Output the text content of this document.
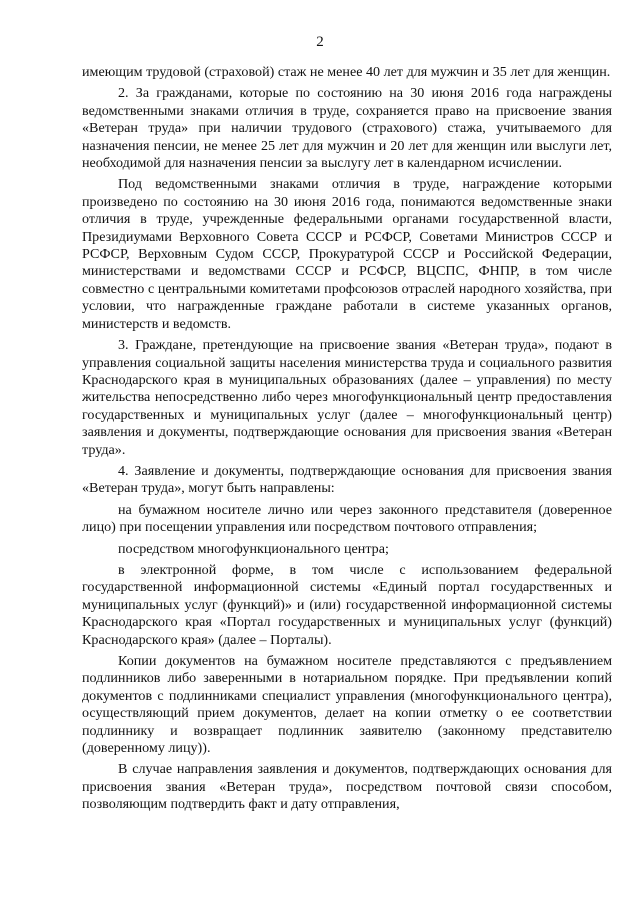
2

имеющим трудовой (страховой) стаж не менее 40 лет для мужчин и 35 лет для женщин.

2. За гражданами, которые по состоянию на 30 июня 2016 года награждены ведомственными знаками отличия в труде, сохраняется право на присвоение звания «Ветеран труда» при наличии трудового (страхового) стажа, учитываемого для назначения пенсии, не менее 25 лет для мужчин и 20 лет для женщин или выслуги лет, необходимой для назначения пенсии за выслугу лет в календарном исчислении.

Под ведомственными знаками отличия в труде, награждение которыми произведено по состоянию на 30 июня 2016 года, понимаются ведомственные знаки отличия в труде, учрежденные федеральными органами государственной власти, Президиумами Верховного Совета СССР и РСФСР, Советами Министров СССР и РСФСР, Верховным Судом СССР, Прокуратурой СССР и Российской Федерации, министерствами и ведомствами СССР и РСФСР, ВЦСПС, ФНПР, в том числе совместно с центральными комитетами профсоюзов отраслей народного хозяйства, при условии, что награжденные граждане работали в системе указанных органов, министерств и ведомств.

3. Граждане, претендующие на присвоение звания «Ветеран труда», подают в управления социальной защиты населения министерства труда и социального развития Краснодарского края в муниципальных образованиях (далее – управления) по месту жительства непосредственно либо через многофункциональный центр предоставления государственных и муниципальных услуг (далее – многофункциональный центр) заявления и документы, подтверждающие основания для присвоения звания «Ветеран труда».

4. Заявление и документы, подтверждающие основания для присвоения звания «Ветеран труда», могут быть направлены:

на бумажном носителе лично или через законного представителя (доверенное лицо) при посещении управления или посредством почтового отправления;

посредством многофункционального центра;

в электронной форме, в том числе с использованием федеральной государственной информационной системы «Единый портал государственных и муниципальных услуг (функций)» и (или) государственной информационной системы Краснодарского края «Портал государственных и муниципальных услуг (функций) Краснодарского края» (далее – Порталы).

Копии документов на бумажном носителе представляются с предъявлением подлинников либо заверенными в нотариальном порядке. При предъявлении копий документов с подлинниками специалист управления (многофункционального центра), осуществляющий прием документов, делает на копии отметку о ее соответствии подлиннику и возвращает подлинник заявителю (законному представителю (доверенному лицу)).

В случае направления заявления и документов, подтверждающих основания для присвоения звания «Ветеран труда», посредством почтовой связи способом, позволяющим подтвердить факт и дату отправления,
